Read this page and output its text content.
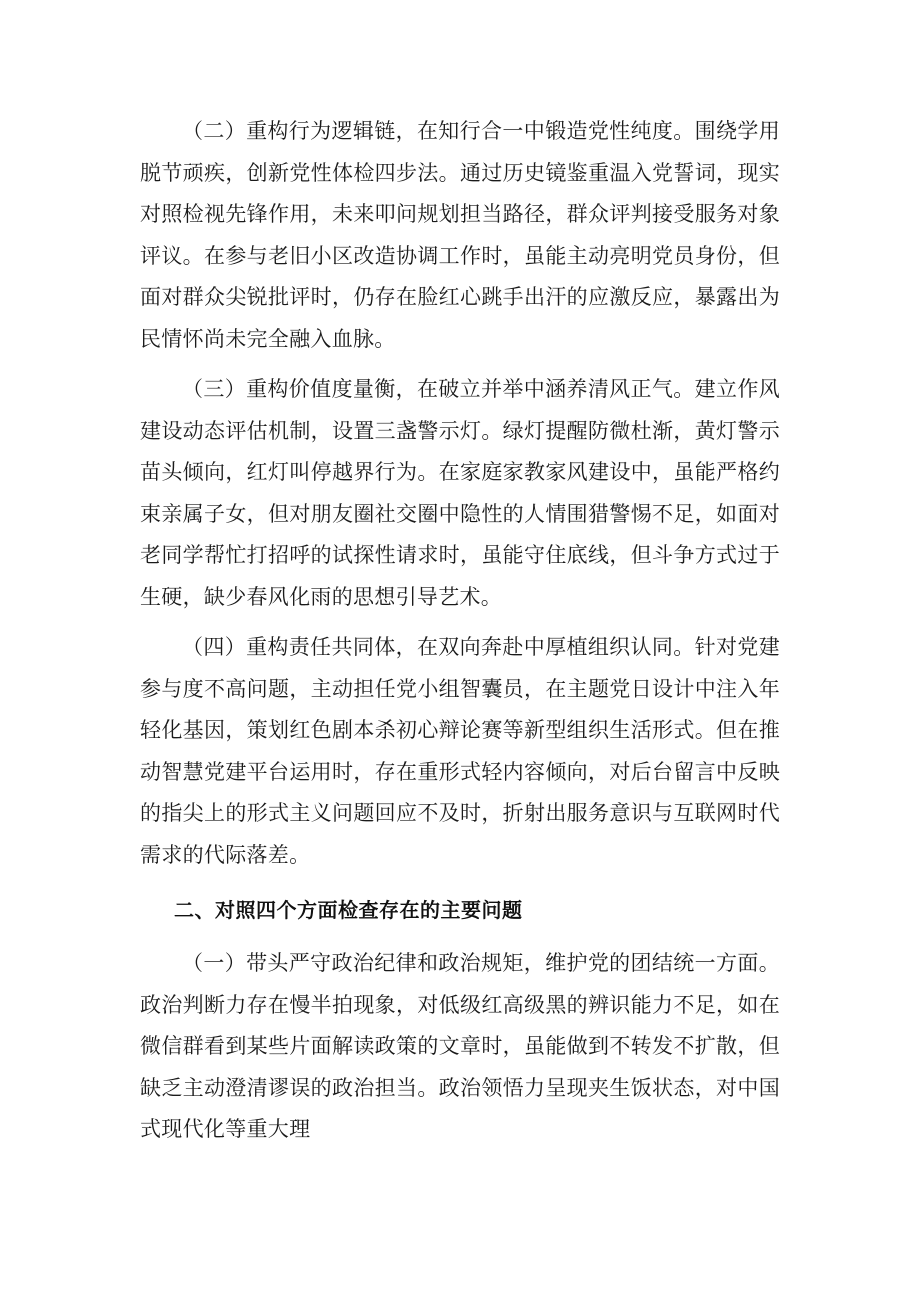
（二）重构行为逻辑链，在知行合一中锻造党性纯度。围绕学用脱节顽疾，创新党性体检四步法。通过历史镜鉴重温入党誓词，现实对照检视先锋作用，未来叩问规划担当路径，群众评判接受服务对象评议。在参与老旧小区改造协调工作时，虽能主动亮明党员身份，但面对群众尖锐批评时，仍存在脸红心跳手出汗的应激反应，暴露出为民情怀尚未完全融入血脉。

（三）重构价值度量衡，在破立并举中涵养清风正气。建立作风建设动态评估机制，设置三盏警示灯。绿灯提醒防微杜渐，黄灯警示苗头倾向，红灯叫停越界行为。在家庭家教家风建设中，虽能严格约束亲属子女，但对朋友圈社交圈中隐性的人情围猎警惕不足，如面对老同学帮忙打招呼的试探性请求时，虽能守住底线，但斗争方式过于生硬，缺少春风化雨的思想引导艺术。

（四）重构责任共同体，在双向奔赴中厚植组织认同。针对党建参与度不高问题，主动担任党小组智囊员，在主题党日设计中注入年轻化基因，策划红色剧本杀初心辩论赛等新型组织生活形式。但在推动智慧党建平台运用时，存在重形式轻内容倾向，对后台留言中反映的指尖上的形式主义问题回应不及时，折射出服务意识与互联网时代需求的代际落差。

二、对照四个方面检查存在的主要问题

（一）带头严守政治纪律和政治规矩，维护党的团结统一方面。政治判断力存在慢半拍现象，对低级红高级黑的辨识能力不足，如在微信群看到某些片面解读政策的文章时，虽能做到不转发不扩散，但缺乏主动澄清谬误的政治担当。政治领悟力呈现夹生饭状态，对中国式现代化等重大理
